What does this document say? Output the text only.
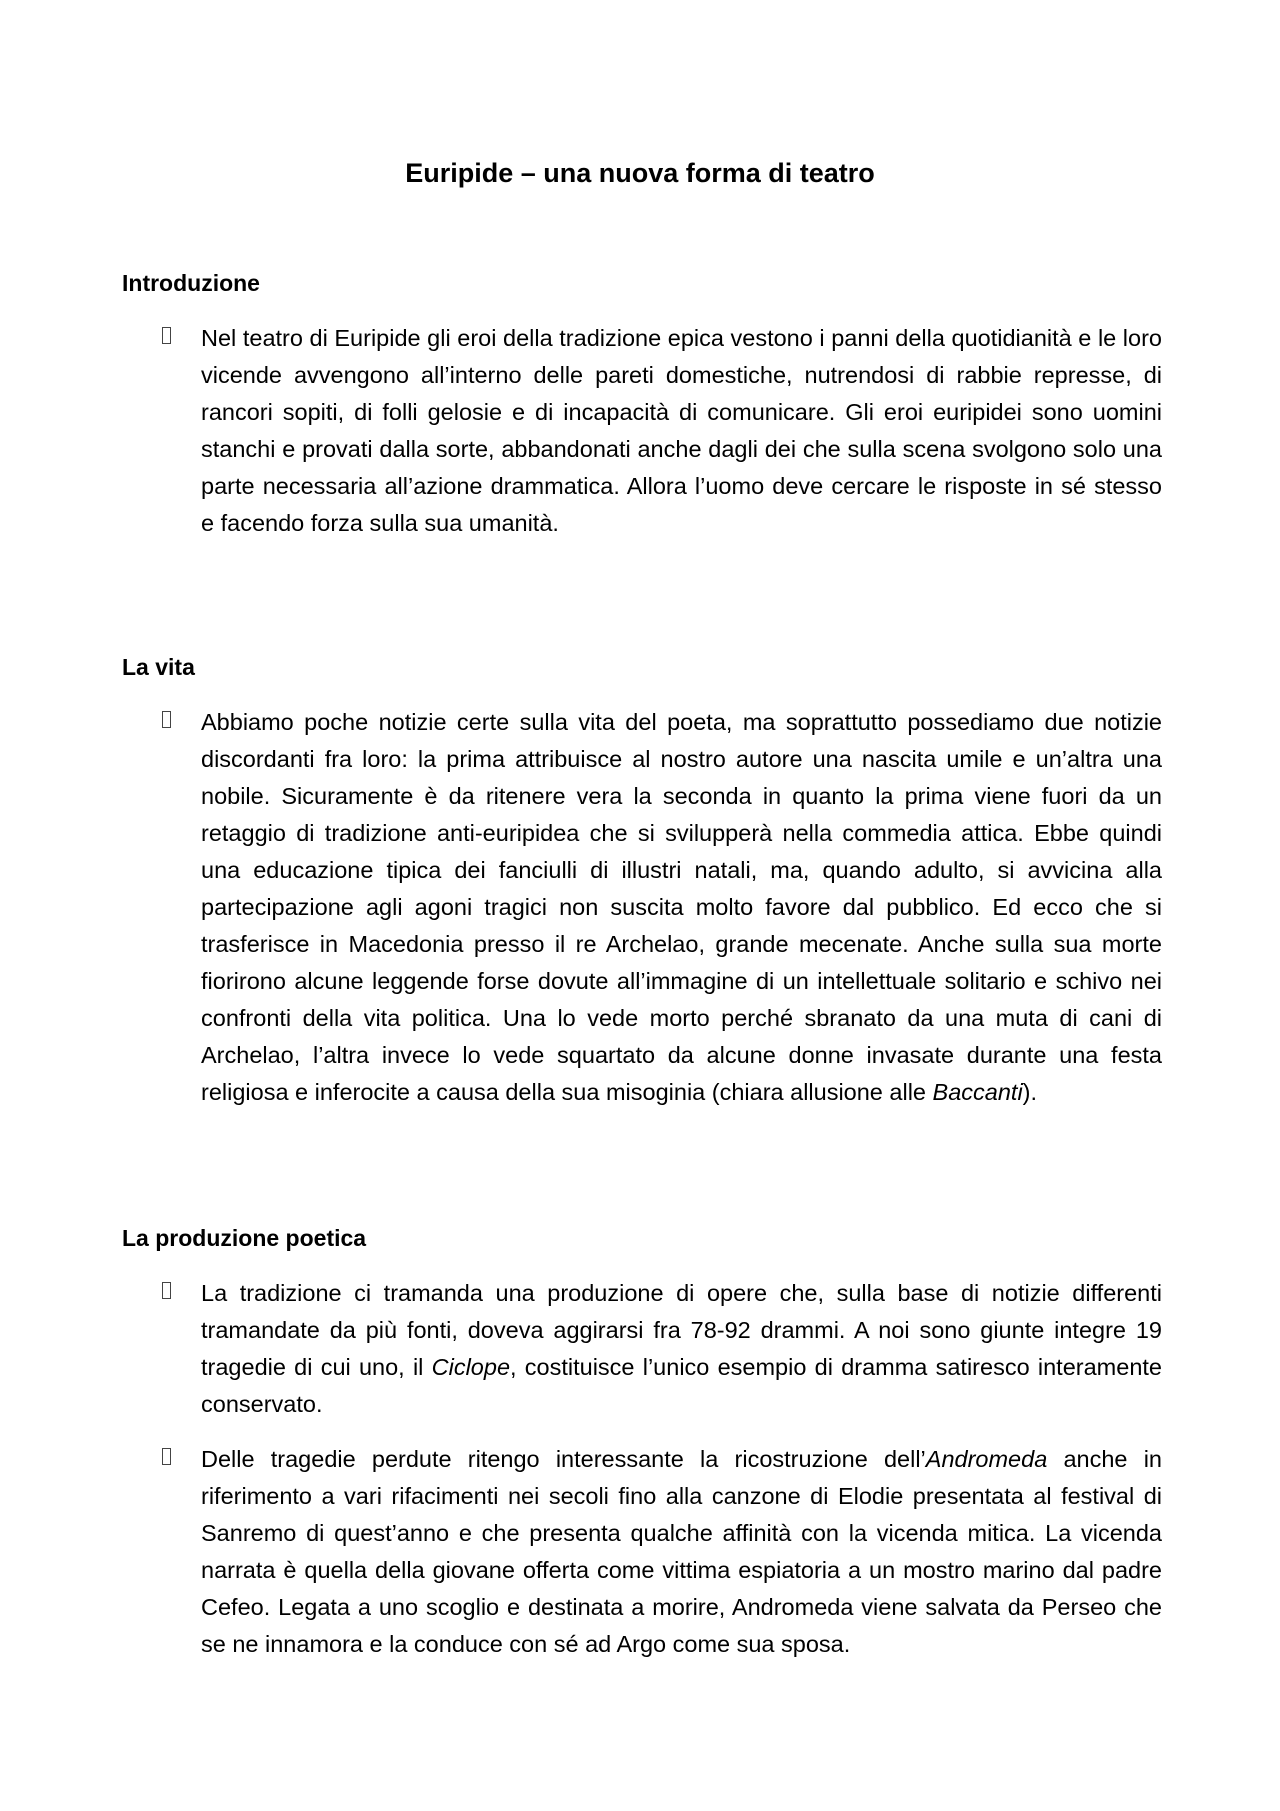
Euripide – una nuova forma di teatro
Introduzione

Nel teatro di Euripide gli eroi della tradizione epica vestono i panni della quotidianità e le loro vicende avvengono all’interno delle pareti domestiche, nutrendosi di rabbie represse, di rancori sopiti, di folli gelosie e di incapacità di comunicare. Gli eroi euripidei sono uomini stanchi e provati dalla sorte, abbandonati anche dagli dei che sulla scena svolgono solo una parte necessaria all’azione drammatica. Allora l’uomo deve cercare le risposte in sé stesso e facendo forza sulla sua umanità.

La vita

Abbiamo poche notizie certe sulla vita del poeta, ma soprattutto possediamo due notizie discordanti fra loro: la prima attribuisce al nostro autore una nascita umile e un’altra una nobile. Sicuramente è da ritenere vera la seconda in quanto la prima viene fuori da un retaggio di tradizione anti-euripidea che si svilupperà nella commedia attica. Ebbe quindi una educazione tipica dei fanciulli di illustri natali, ma, quando adulto, si avvicina alla partecipazione agli agoni tragici non suscita molto favore dal pubblico. Ed ecco che si trasferisce in Macedonia presso il re Archelao, grande mecenate. Anche sulla sua morte fiorirono alcune leggende forse dovute all’immagine di un intellettuale solitario e schivo nei confronti della vita politica. Una lo vede morto perché sbranato da una muta di cani di Archelao, l’altra invece lo vede squartato da alcune donne invasate durante una festa religiosa e inferocite a causa della sua misoginia (chiara allusione alle Baccanti).

La produzione poetica

La tradizione ci tramanda una produzione di opere che, sulla base di notizie differenti tramandate da più fonti, doveva aggirarsi fra 78-92 drammi. A noi sono giunte integre 19 tragedie di cui uno, il Ciclope, costituisce l’unico esempio di dramma satiresco interamente conservato.

Delle tragedie perdute ritengo interessante la ricostruzione dell’Andromeda anche in riferimento a vari rifacimenti nei secoli fino alla canzone di Elodie presentata al festival di Sanremo di quest’anno e che presenta qualche affinità con la vicenda mitica. La vicenda narrata è quella della giovane offerta come vittima espiatoria a un mostro marino dal padre Cefeo. Legata a uno scoglio e destinata a morire, Andromeda viene salvata da Perseo che se ne innamora e la conduce con sé ad Argo come sua sposa.
